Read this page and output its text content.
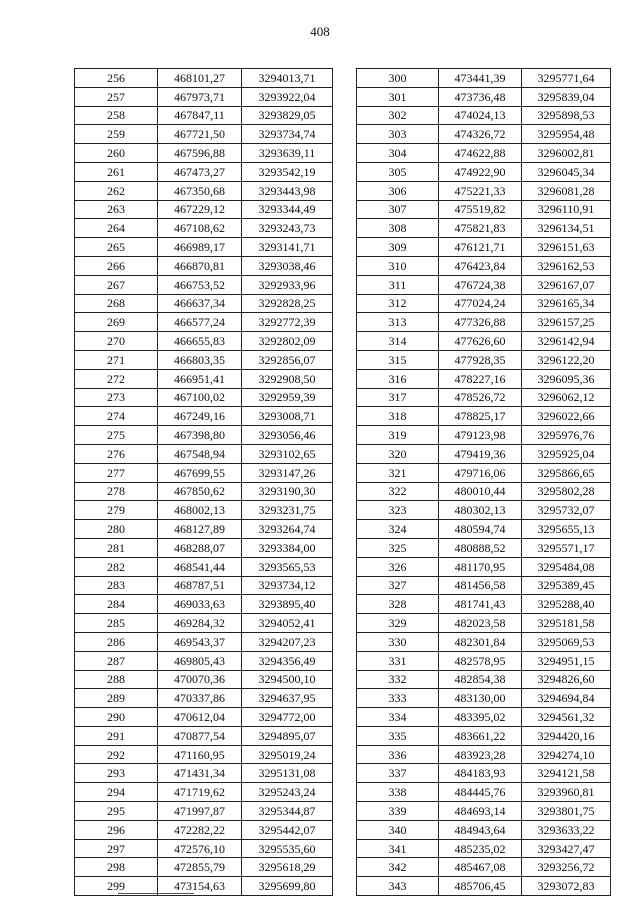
408
256	468101,27	3294013,71
257	467973,71	3293922,04
258	467847,11	3293829,05
259	467721,50	3293734,74
260	467596,88	3293639,11
261	467473,27	3293542,19
262	467350,68	3293443,98
263	467229,12	3293344,49
264	467108,62	3293243,73
265	466989,17	3293141,71
266	466870,81	3293038,46
267	466753,52	3292933,96
268	466637,34	3292828,25
269	466577,24	3292772,39
270	466655,83	3292802,09
271	466803,35	3292856,07
272	466951,41	3292908,50
273	467100,02	3292959,39
274	467249,16	3293008,71
275	467398,80	3293056,46
276	467548,94	3293102,65
277	467699,55	3293147,26
278	467850,62	3293190,30
279	468002,13	3293231,75
280	468127,89	3293264,74
281	468288,07	3293384,00
282	468541,44	3293565,53
283	468787,51	3293734,12
284	469033,63	3293895,40
285	469284,32	3294052,41
286	469543,37	3294207,23
287	469805,43	3294356,49
288	470070,36	3294500,10
289	470337,86	3294637,95
290	470612,04	3294772,00
291	470877,54	3294895,07
292	471160,95	3295019,24
293	471431,34	3295131,08
294	471719,62	3295243,24
295	471997,87	3295344,87
296	472282,22	3295442,07
297	472576,10	3295535,60
298	472855,79	3295618,29
299	473154,63	3295699,80
300	473441,39	3295771,64
301	473736,48	3295839,04
302	474024,13	3295898,53
303	474326,72	3295954,48
304	474622,88	3296002,81
305	474922,90	3296045,34
306	475221,33	3296081,28
307	475519,82	3296110,91
308	475821,83	3296134,51
309	476121,71	3296151,63
310	476423,84	3296162,53
311	476724,38	3296167,07
312	477024,24	3296165,34
313	477326,88	3296157,25
314	477626,60	3296142,94
315	477928,35	3296122,20
316	478227,16	3296095,36
317	478526,72	3296062,12
318	478825,17	3296022,66
319	479123,98	3295976,76
320	479419,36	3295925,04
321	479716,06	3295866,65
322	480010,44	3295802,28
323	480302,13	3295732,07
324	480594,74	3295655,13
325	480888,52	3295571,17
326	481170,95	3295484,08
327	481456,58	3295389,45
328	481741,43	3295288,40
329	482023,58	3295181,58
330	482301,84	3295069,53
331	482578,95	3294951,15
332	482854,38	3294826,60
333	483130,00	3294694,84
334	483395,02	3294561,32
335	483661,22	3294420,16
336	483923,28	3294274,10
337	484183,93	3294121,58
338	484445,76	3293960,81
339	484693,14	3293801,75
340	484943,64	3293633,22
341	485235,02	3293427,47
342	485467,08	3293256,72
343	485706,45	3293072,83
